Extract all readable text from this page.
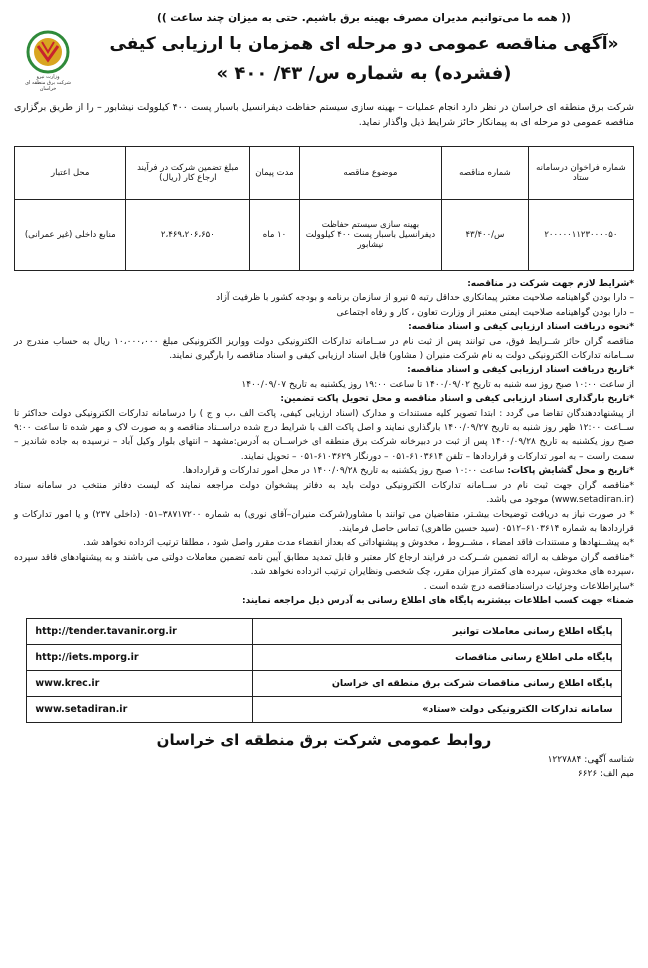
وزارت نیرو
شرکت برق منطقه ای خراسان
(( همه ما می‌توانیم مدیران مصرف بهینه برق باشیم. حتی به میزان چند ساعت ))
«آگهی مناقصه عمومی دو مرحله ای همزمان با ارزیابی کیفی
(فشرده) به شماره س/ ۴۳/ ۴۰۰ »
شرکت برق منطقه ای خراسان در نظر دارد انجام عملیات – بهینه سازی سیستم حفاظت دیفرانسیل باسبار پست ۴۰۰ کیلوولت نیشابور – را از طریق برگزاری مناقصه عمومی دو مرحله ای به پیمانکار حائز شرایط ذیل واگذار نماید.
شماره فراخوان درسامانه ستاد	شماره مناقصه	موضوع مناقصه	مدت پیمان	مبلغ تضمین شرکت در فرآیند ارجاع کار (ریال)	محل اعتبار
۲۰۰۰۰۰۱۱۲۳۰۰۰۰۵۰	س/۴۳/۴۰۰	بهینه سازی سیستم حفاظت دیفرانسیل باسبار پست ۴۰۰ کیلوولت نیشابور	۱۰ ماه	۲،۴۶۹،۲۰۶،۶۵۰	منابع داخلی (غیر عمرانی)

*شرایط لازم جهت شرکت در مناقصه:

– دارا بودن گواهینامه صلاحیت معتبر پیمانکاری حداقل رتبه ۵ نیرو از سازمان برنامه و بودجه کشور با ظرفیت آزاد

– دارا بودن گواهینامه صلاحیت ایمنی معتبر از وزارت تعاون ، کار و رفاه اجتماعی

*نحوه دریافت اسناد ارزیابی کیفی و اسناد مناقصه:

مناقصه گران حائز شــرایط فوق، می توانند پس از ثبت نام در ســامانه تدارکات الکترونیکی دولت وواریز الکترونیکی مبلغ ۱۰،۰۰۰،۰۰۰ ریال به حساب مندرج در ســامانه تدارکات الکترونیکی دولت به نام شرکت منیران ( مشاور) فایل اسناد ارزیابی کیفی و اسناد مناقصه را بارگیری نمایند.

*تاریخ دریافت اسناد ارزیابی کیفی و اسناد مناقصه:

از ساعت ۱۰:۰۰ صبح روز سه شنبه به تاریخ ۱۴۰۰/۰۹/۰۲ تا ساعت ۱۹:۰۰ روز یکشنبه به تاریخ ۱۴۰۰/۰۹/۰۷

*تاریخ بارگذاری اسناد ارزیابی کیفی و اسناد مناقصه و محل تحویل پاکت تضمین:

از پیشنهاددهندگان تقاضا می گردد : ابتدا تصویر کلیه مستندات و مدارک (اسناد ارزیابی کیفی، پاکت الف ،ب و ج ) را درسامانه تدارکات الکترونیکی دولت حداکثر تا ســاعت ۱۲:۰۰ ظهر روز شنبه به تاریخ ۱۴۰۰/۰۹/۲۷ بارگذاری نمایند و اصل پاکت الف با شرایط درج شده دراســناد مناقصه و به صورت لاک و مهر شده تا ساعت ۹:۰۰ صبح روز یکشنبه به تاریخ ۱۴۰۰/۰۹/۲۸ پس از ثبت در دبیرخانه شرکت برق منطقه ای خراســان به آدرس:مشهد – انتهای بلوار وکیل آباد – نرسیده به جاده شاندیز – سمت راست – به امور تدارکات و قراردادها – تلفن ۶۱۰۳۶۱۴-۰۵۱ – دورنگار ۶۱۰۳۶۲۹-۰۵۱ – تحویل نمایند.

*تاریخ و محل گشایش پاکات: ساعت ۱۰:۰۰ صبح روز یکشنبه به تاریخ ۱۴۰۰/۰۹/۲۸ در محل امور تدارکات و قراردادها.

*مناقصه گران جهت ثبت نام در ســامانه تدارکات الکترونیکی دولت باید به دفاتر پیشخوان دولت مراجعه نمایند که لیست دفاتر منتخب در سامانه ستاد (www.setadiran.ir) موجود می باشد.

* در صورت نیاز به دریافت توضیحات بیشـتر، متقاضیان می توانند با مشاور(شرکت منیران–آقای نوری) به شماره ۳۸۷۱۷۲۰۰–۰۵۱ (داخلی ۲۳۷) و یا امور تدارکات و قراردادها به شماره ۶۱۰۳۶۱۴–۰۵۱۲ (سید حسین طاهری) تماس حاصل فرمایند.

*به پیشــنهادها و مستندات فاقد امضاء ، مشــروط ، مخدوش و پیشنهاداتی که بعداز انقضاء مدت مقرر واصل شود ، مطلقا ترتیب اثرداده نخواهد شد.

*مناقصه گران موظف به ارائه تضمین شــرکت در فرایند ارجاع کار معتبر و قابل تمدید مطابق آیین نامه تضمین معاملات دولتی می باشند و به پیشنهادهای فاقد سپرده ،سپرده های مخدوش، سپرده های کمتراز میزان مقرر، چک شخصی ونظایران ترتیب اثرداده نخواهد شد.

*سایراطلاعات وجزئیات دراسنادمناقصه درج شده است .

ضمنا» جهت کسب اطلاعات بیشتربه پایگاه های اطلاع رسانی به آدرس ذیل مراجعه نمایند:

پایگاه اطلاع رسانی معاملات توانیر	http://tender.tavanir.org.ir
پایگاه ملی اطلاع رسانی مناقصات	http://iets.mporg.ir
پایگاه اطلاع رسانی مناقصات شرکت برق منطقه ای خراسان	www.krec.ir
سامانه تدارکات الکترونیکی دولت «ستاد»	www.setadiran.ir
روابط عمومی شرکت برق منطقه ای خراسان
شناسه آگهی: ۱۲۲۷۸۸۴
میم الف: ۶۶۲۶
